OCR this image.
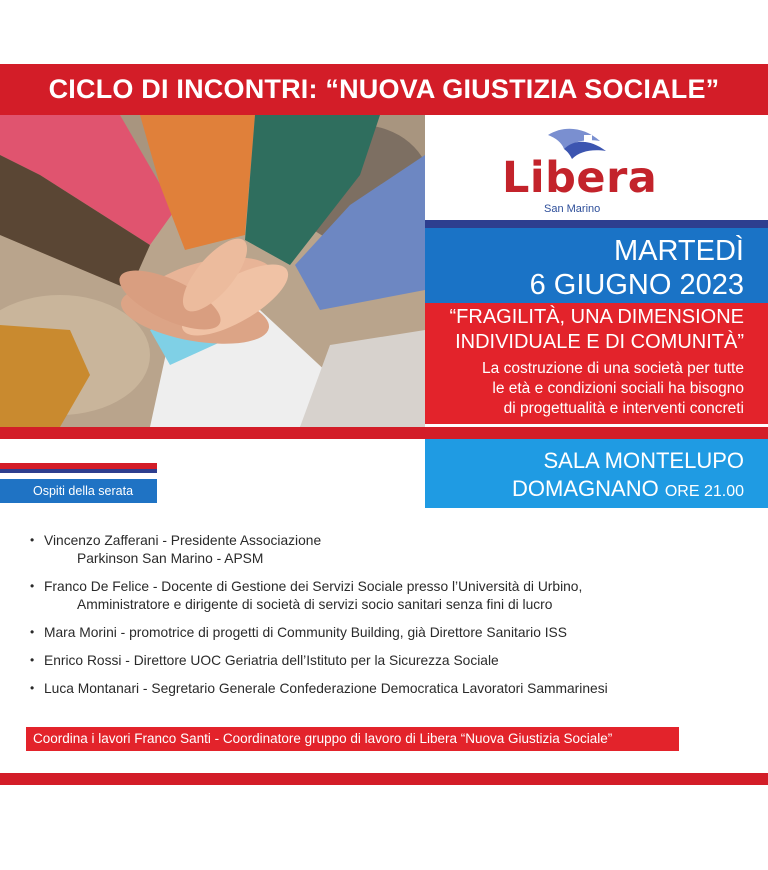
CICLO DI INCONTRI: “NUOVA GIUSTIZIA SOCIALE”
Libera
San Marino
MARTEDÌ
6 GIUGNO 2023
“FRAGILITÀ, UNA DIMENSIONE
INDIVIDUALE E DI COMUNITÀ”
La costruzione di una società per tutte
le età e condizioni sociali ha bisogno
di progettualità e interventi concreti
SALA MONTELUPO
DOMAGNANO ORE 21.00
Ospiti della serata
• Vincenzo Zafferani - Presidente Associazione
Parkinson San Marino - APSM
• Franco De Felice - Docente di Gestione dei Servizi Sociale presso l’Università di Urbino,
Amministratore e dirigente di società di servizi socio sanitari senza fini di lucro
• Mara Morini - promotrice di progetti di Community Building, già Direttore Sanitario ISS
• Enrico Rossi - Direttore UOC Geriatria dell’Istituto per la Sicurezza Sociale
• Luca Montanari - Segretario Generale Confederazione Democratica Lavoratori Sammarinesi
Coordina i lavori Franco Santi - Coordinatore gruppo di lavoro di Libera “Nuova Giustizia Sociale”
